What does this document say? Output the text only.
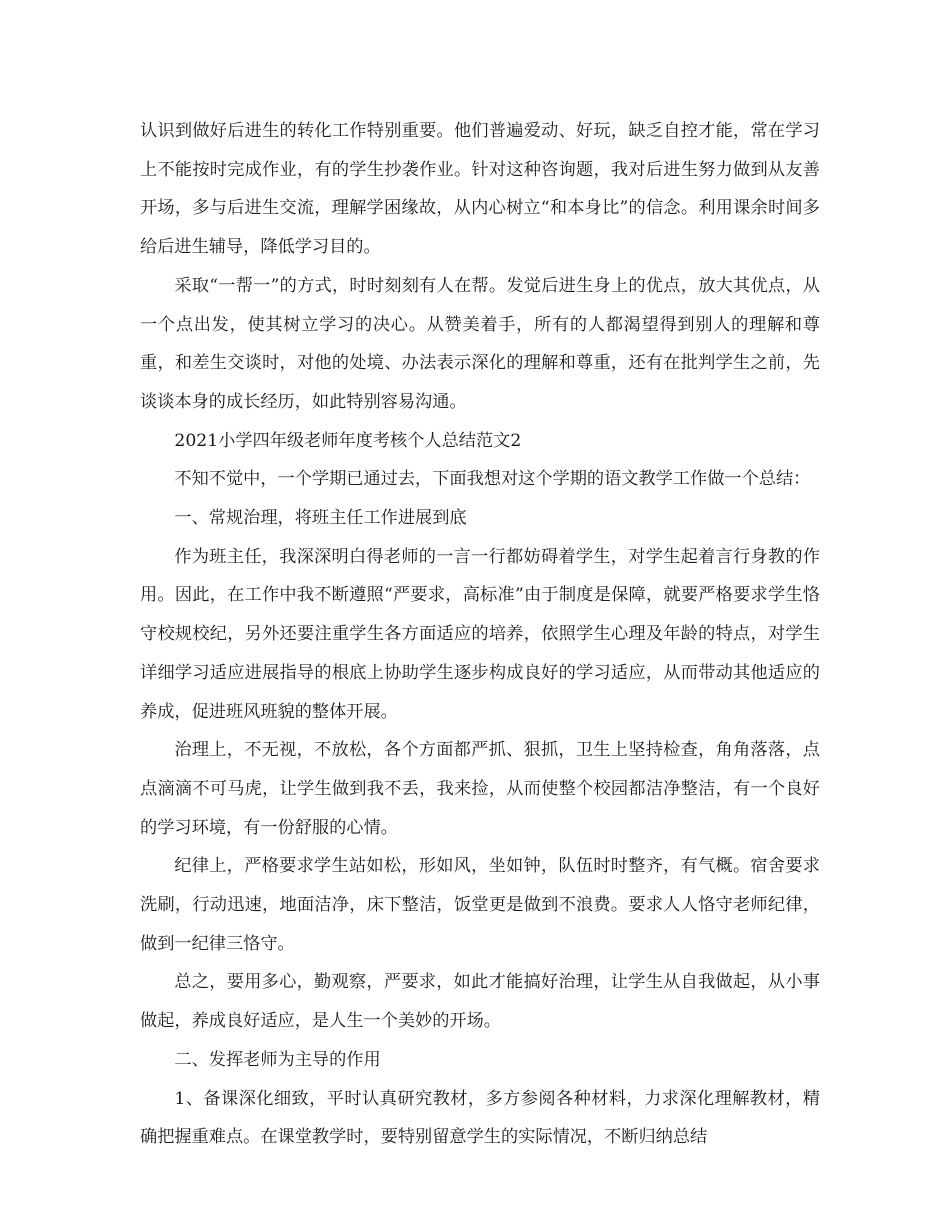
认识到做好后进生的转化工作特别重要。他们普遍爱动、好玩，缺乏自控才能，常在学习上不能按时完成作业，有的学生抄袭作业。针对这种咨询题，我对后进生努力做到从友善开场，多与后进生交流，理解学困缘故，从内心树立“和本身比”的信念。利用课余时间多给后进生辅导，降低学习目的。

采取“一帮一”的方式，时时刻刻有人在帮。发觉后进生身上的优点，放大其优点，从一个点出发，使其树立学习的决心。从赞美着手，所有的人都渴望得到别人的理解和尊重，和差生交谈时，对他的处境、办法表示深化的理解和尊重，还有在批判学生之前，先谈谈本身的成长经历，如此特别容易沟通。

2021小学四年级老师年度考核个人总结范文2

不知不觉中，一个学期已通过去，下面我想对这个学期的语文教学工作做一个总结：

一、常规治理，将班主任工作进展到底

作为班主任，我深深明白得老师的一言一行都妨碍着学生，对学生起着言行身教的作用。因此，在工作中我不断遵照“严要求，高标准”由于制度是保障，就要严格要求学生恪守校规校纪，另外还要注重学生各方面适应的培养，依照学生心理及年龄的特点，对学生详细学习适应进展指导的根底上协助学生逐步构成良好的学习适应，从而带动其他适应的养成，促进班风班貌的整体开展。

治理上，不无视，不放松，各个方面都严抓、狠抓，卫生上坚持检查，角角落落，点点滴滴不可马虎，让学生做到我不丢，我来捡，从而使整个校园都洁净整洁，有一个良好的学习环境，有一份舒服的心情。

纪律上，严格要求学生站如松，形如风，坐如钟，队伍时时整齐，有气概。宿舍要求洗刷，行动迅速，地面洁净，床下整洁，饭堂更是做到不浪费。要求人人恪守老师纪律，做到一纪律三恪守。

总之，要用多心，勤观察，严要求，如此才能搞好治理，让学生从自我做起，从小事做起，养成良好适应，是人生一个美妙的开场。

二、发挥老师为主导的作用

1、备课深化细致，平时认真研究教材，多方参阅各种材料，力求深化理解教材，精确把握重难点。在课堂教学时，要特别留意学生的实际情况，不断归纳总结
